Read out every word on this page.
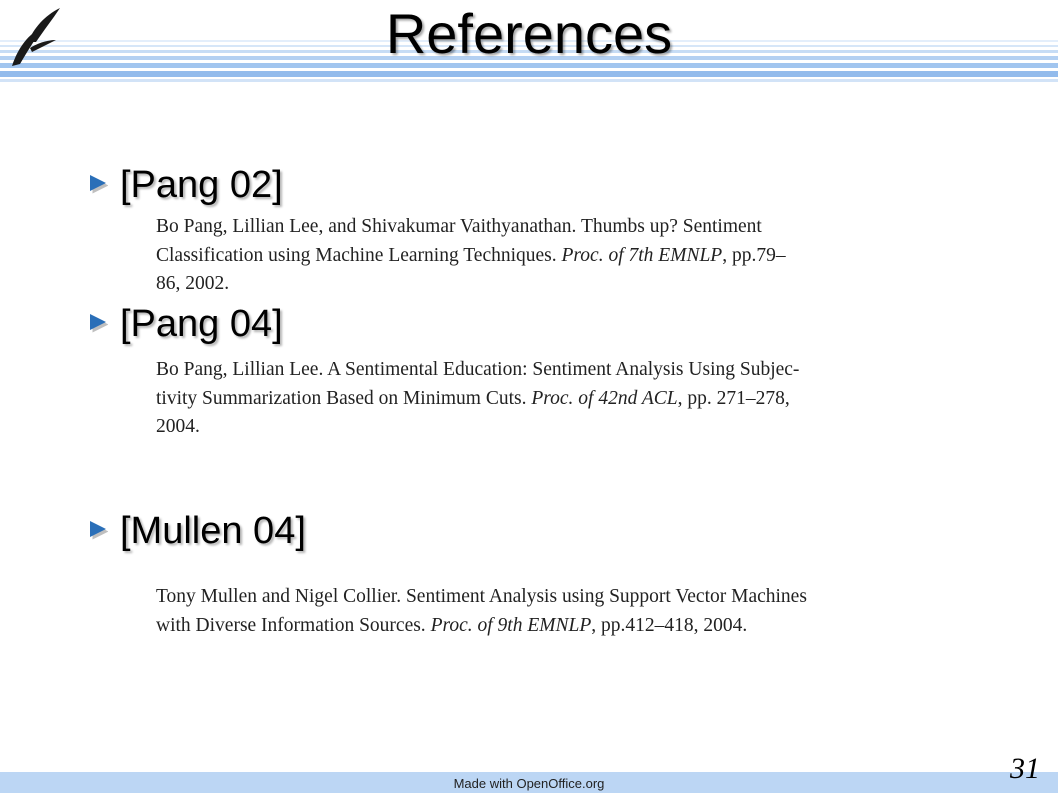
References
[Pang 02]
Bo Pang, Lillian Lee, and Shivakumar Vaithyanathan. Thumbs up? Sentiment
Classification using Machine Learning Techniques. Proc. of 7th EMNLP, pp.79–
86, 2002.
[Pang 04]
Bo Pang, Lillian Lee. A Sentimental Education: Sentiment Analysis Using Subjec-
tivity Summarization Based on Minimum Cuts. Proc. of 42nd ACL, pp. 271–278,
2004.
[Mullen 04]
Tony Mullen and Nigel Collier. Sentiment Analysis using Support Vector Machines
with Diverse Information Sources. Proc. of 9th EMNLP, pp.412–418, 2004.
Made with OpenOffice.org	31
